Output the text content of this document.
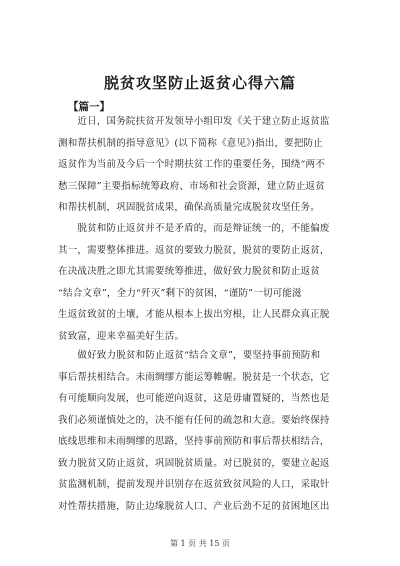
脱贫攻坚防止返贫心得六篇
【篇一】

　　近日，国务院扶贫开发领导小组印发《关于建立防止返贫监
测和帮扶机制的指导意见》(以下简称《意见》)指出，要把防止
返贫作为当前及今后一个时期扶贫工作的重要任务，围绕“两不
愁三保障”主要指标统筹政府、市场和社会资源，建立防止返贫
和帮扶机制，巩固脱贫成果，确保高质量完成脱贫攻坚任务。

　　脱贫和防止返贫并不是矛盾的，而是辩证统一的，不能偏废
其一，需要整体推进。返贫的要致力脱贫，脱贫的要防止返贫，
在决战决胜之即尤其需要统筹推进，做好致力脱贫和防止返贫
“结合文章”，全力“歼灭”剩下的贫困，“谨防”一切可能滋
生返贫致贫的土壤，才能从根本上拔出穷根，让人民群众真正脱
贫致富，迎来幸福美好生活。

　　做好致力脱贫和防止返贫“结合文章”，要坚持事前预防和
事后帮扶相结合。未雨绸缪方能运筹帷幄。脱贫是一个状态，它
有可能顺向发展，也可能逆向返贫，这是毋庸置疑的，当然也是
我们必须谨慎处之的，决不能有任何的疏忽和大意。要始终保持
底线思维和未雨绸缪的思路，坚持事前预防和事后帮扶相结合，
致力脱贫又防止返贫，巩固脱贫质量。对已脱贫的，要建立起返
贫监测机制，提前发现并识别存在返贫致贫风险的人口，采取针
对性帮扶措施，防止边缘脱贫人口、产业后劲不足的贫困地区出

第 1 页 共 15 页
